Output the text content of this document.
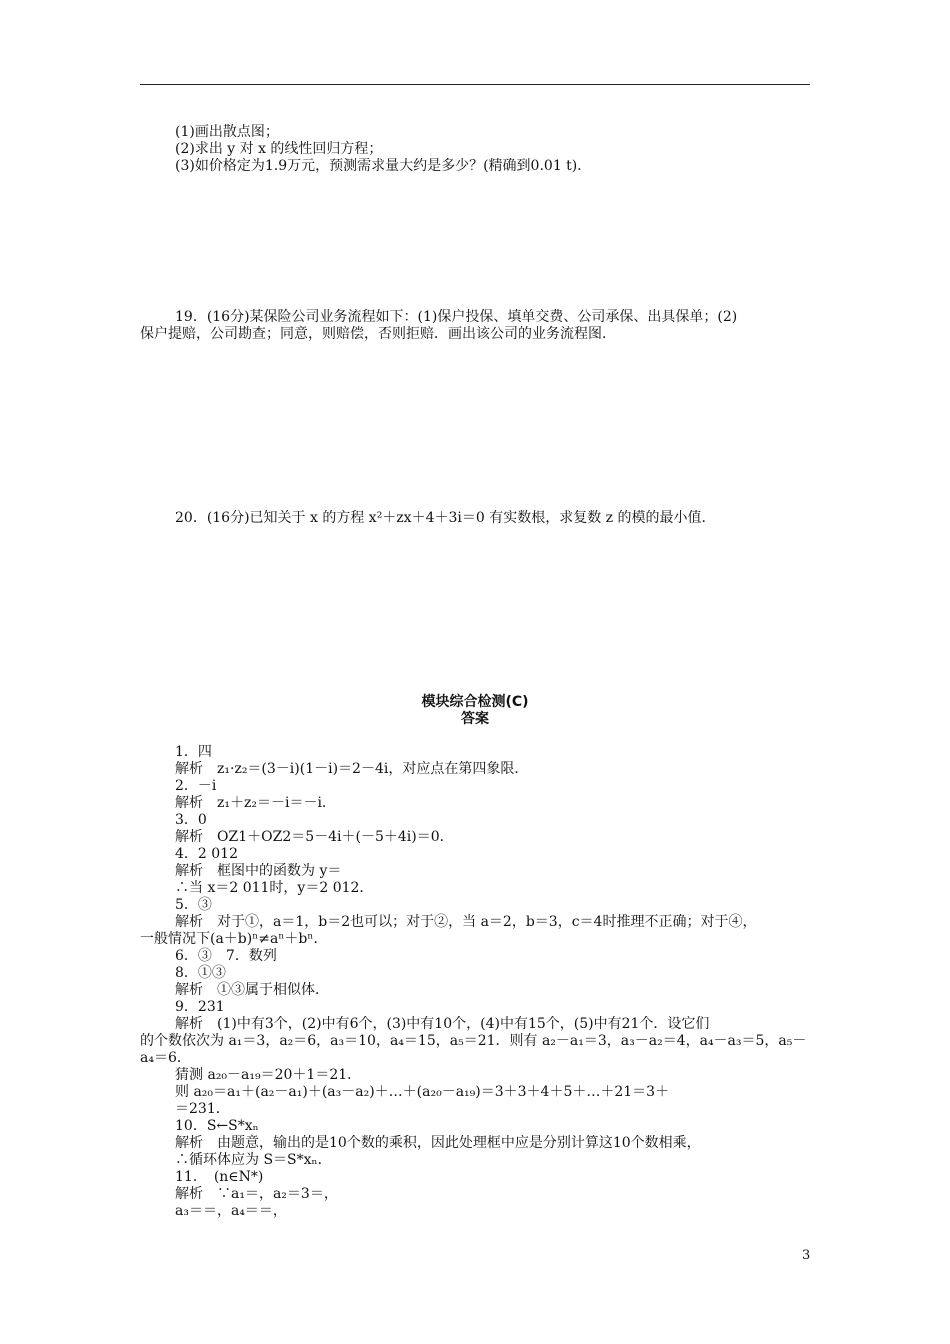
(1)画出散点图；
(2)求出 y 对 x 的线性回归方程；
(3)如价格定为1.9万元，预测需求量大约是多少？(精确到0.01 t)．
19．(16分)某保险公司业务流程如下：(1)保户投保、填单交费、公司承保、出具保单；(2)
保户提赔，公司勘查；同意，则赔偿，否则拒赔．画出该公司的业务流程图．
20．(16分)已知关于 x 的方程 x²＋zx＋4＋3i＝0 有实数根，求复数 z 的模的最小值．
模块综合检测(C)
答案
1．四
解析　z₁·z₂＝(3－i)(1－i)＝2－4i，对应点在第四象限．
2．－i
解析　z₁＋z₂＝－i＝－i．
3．0
解析　OZ1＋OZ2＝5－4i＋(－5＋4i)＝0．
4．2 012
解析　框图中的函数为 y＝
∴当 x＝2 011时，y＝2 012．
5．③
解析　对于①，a＝1，b＝2也可以；对于②，当 a＝2，b＝3，c＝4时推理不正确；对于④，
一般情况下(a＋b)ⁿ≠aⁿ＋bⁿ．
6．③　7．数列
8．①③
解析　①③属于相似体．
9．231
解析　(1)中有3个，(2)中有6个，(3)中有10个，(4)中有15个，(5)中有21个．设它们
的个数依次为 a₁＝3，a₂＝6，a₃＝10，a₄＝15，a₅＝21．则有 a₂－a₁＝3，a₃－a₂＝4，a₄－a₃＝5，a₅－
a₄＝6．
猜测 a₂₀－a₁₉＝20＋1＝21．
则 a₂₀＝a₁＋(a₂－a₁)＋(a₃－a₂)＋…＋(a₂₀－a₁₉)＝3＋3＋4＋5＋…＋21＝3＋
＝231．
10．S←S*xₙ
解析　由题意，输出的是10个数的乘积，因此处理框中应是分别计算这10个数相乘，
∴循环体应为 S＝S*xₙ．
11．　(n∈N*)
解析　∵a₁＝，a₂＝3＝，
a₃＝＝，a₄＝＝，
3
